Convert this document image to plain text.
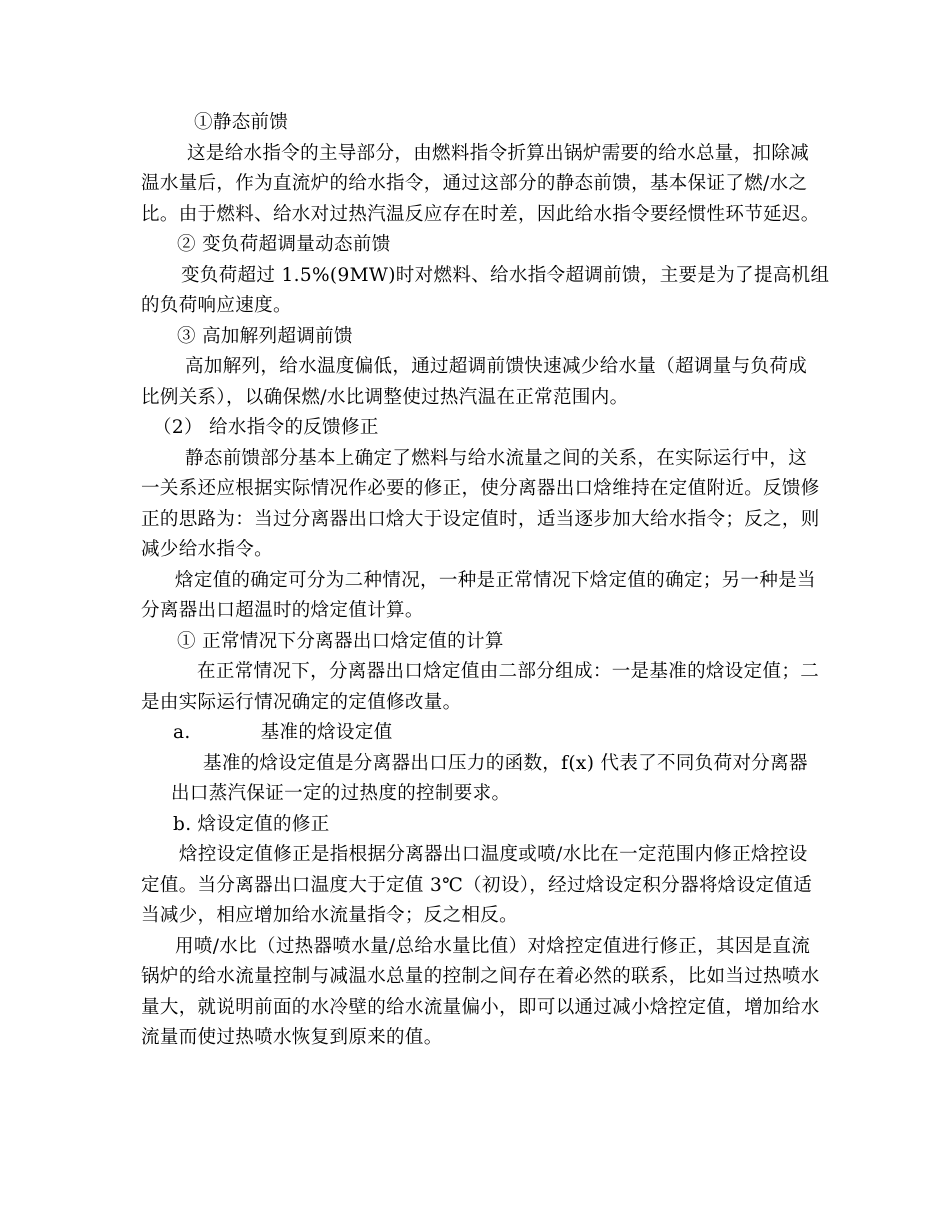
①静态前馈
这是给水指令的主导部分，由燃料指令折算出锅炉需要的给水总量，扣除减
温水量后，作为直流炉的给水指令，通过这部分的静态前馈，基本保证了燃/水之
比。由于燃料、给水对过热汽温反应存在时差，因此给水指令要经惯性环节延迟。
② 变负荷超调量动态前馈
变负荷超过 1.5%(9MW)时对燃料、给水指令超调前馈，主要是为了提高机组
的负荷响应速度。
③ 高加解列超调前馈
高加解列，给水温度偏低，通过超调前馈快速减少给水量（超调量与负荷成
比例关系），以确保燃/水比调整使过热汽温在正常范围内。
（2） 给水指令的反馈修正
静态前馈部分基本上确定了燃料与给水流量之间的关系，在实际运行中，这
一关系还应根据实际情况作必要的修正，使分离器出口焓维持在定值附近。反馈修
正的思路为：当过分离器出口焓大于设定值时，适当逐步加大给水指令；反之，则
减少给水指令。
焓定值的确定可分为二种情况，一种是正常情况下焓定值的确定；另一种是当
分离器出口超温时的焓定值计算。
① 正常情况下分离器出口焓定值的计算
在正常情况下，分离器出口焓定值由二部分组成：一是基准的焓设定值；二
是由实际运行情况确定的定值修改量。
a.	基准的焓设定值
基准的焓设定值是分离器出口压力的函数，f(x) 代表了不同负荷对分离器
出口蒸汽保证一定的过热度的控制要求。
b. 焓设定值的修正
焓控设定值修正是指根据分离器出口温度或喷/水比在一定范围内修正焓控设
定值。当分离器出口温度大于定值 3℃（初设），经过焓设定积分器将焓设定值适
当减少，相应增加给水流量指令；反之相反。
用喷/水比（过热器喷水量/总给水量比值）对焓控定值进行修正，其因是直流
锅炉的给水流量控制与减温水总量的控制之间存在着必然的联系，比如当过热喷水
量大，就说明前面的水冷壁的给水流量偏小，即可以通过减小焓控定值，增加给水
流量而使过热喷水恢复到原来的值。
